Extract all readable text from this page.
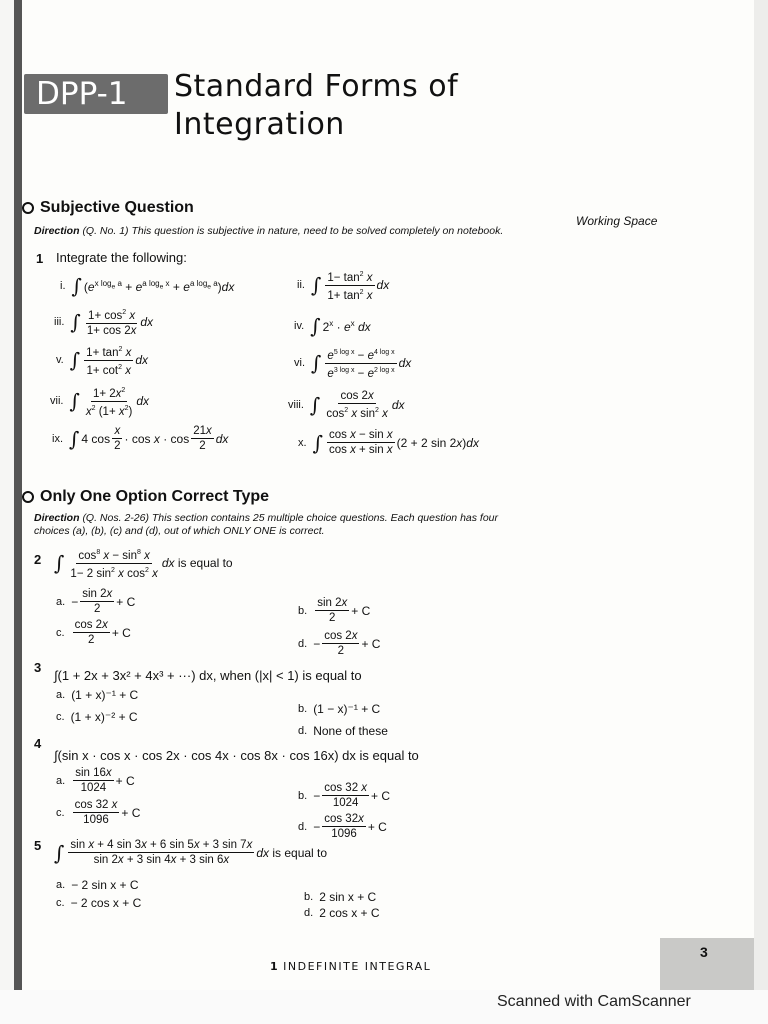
DPP-1	Standard Forms of
Integration
Subjective Question
Direction (Q. No. 1) This question is subjective in nature, need to be solved completely on notebook.
Working Space
1 Integrate the following:
i. ∫ $(e^{x log_e a} + e^{a log_e x} + e^{a log_e a})dx$	ii. ∫ $\frac{1- \tan^2 x}{1+ \tan^2 x}$ dx
iii. ∫ $\frac{1+ \cos^2 x}{1+ \cos 2x}$ dx	iv. ∫ $2^x \cdot e^x$ dx
v. ∫ $\frac{1+ \tan^2 x}{1+ \cot^2 x}$ dx	vi. ∫ $\frac{e^{5 log x} - e^{4 log x}}{e^{3 log x} - e^{2 log x}}$ dx
vii. ∫ $\frac{1+ 2x^2}{x^2 (1+ x^2)}$ dx	viii. ∫ $\frac{\cos 2x}{\cos^2 x \sin^2 x}$ dx
ix. ∫ 4 $\cos \frac{x}{2} \cdot \cos x \cdot \cos \frac{21x}{2}$ dx	x. ∫ $\frac{\text{cos x − sin x}}{\text{cos x + sin x}} (2 + 2$ sin 2x)dx
Only One Option Correct Type
Direction (Q. Nos. 2-26) This section contains 25 multiple choice questions. Each question has four
choices (a), (b), (c) and (d), out of which ONLY ONE is correct.
2 ∫ $\frac{\cos^8 x - \sin^8 x}{1- 2 \sin^2 x \cos^2 x}$ dx is equal to
a. − $\frac{\sin 2x}{2} + C$
b. $\frac{\sin 2x}{2} + C$
c. $\frac{\cos 2x}{2} + C$
d. − $\frac{\cos 2x}{2} + C$
3
∫(1 + 2x + 3x² + 4x³ + ···) dx, when (|x| < 1) is equal to
a. (1 + x)⁻¹ + C
b. (1 − x)⁻¹ + C
c. (1 + x)⁻² + C
d. None of these
4
∫(sin x · cos x · cos 2x · cos 4x · cos 8x · cos 16x) dx is equal to
a. $\frac{\sin 16x}{1024} + C$
b. − $\frac{\cos 32 x}{1024} + C$
c. $\frac{\cos 32 x}{1096} + C$
d. − $\frac{\cos 32x}{1096} + C$
5 ∫ $\frac{\text{sin x + 4 sin 3x + 6 sin 5x + 3 sin 7x}}{\sin 2x + 3 \sin 4x + 3 \sin 6x}$ dx is equal to
a. − 2 sin x + C
b. 2 sin x + C
c. − 2 cos x + C
d. 2 cos x + C
1 INDEFINITE INTEGRAL
3
Scanned with CamScanner
